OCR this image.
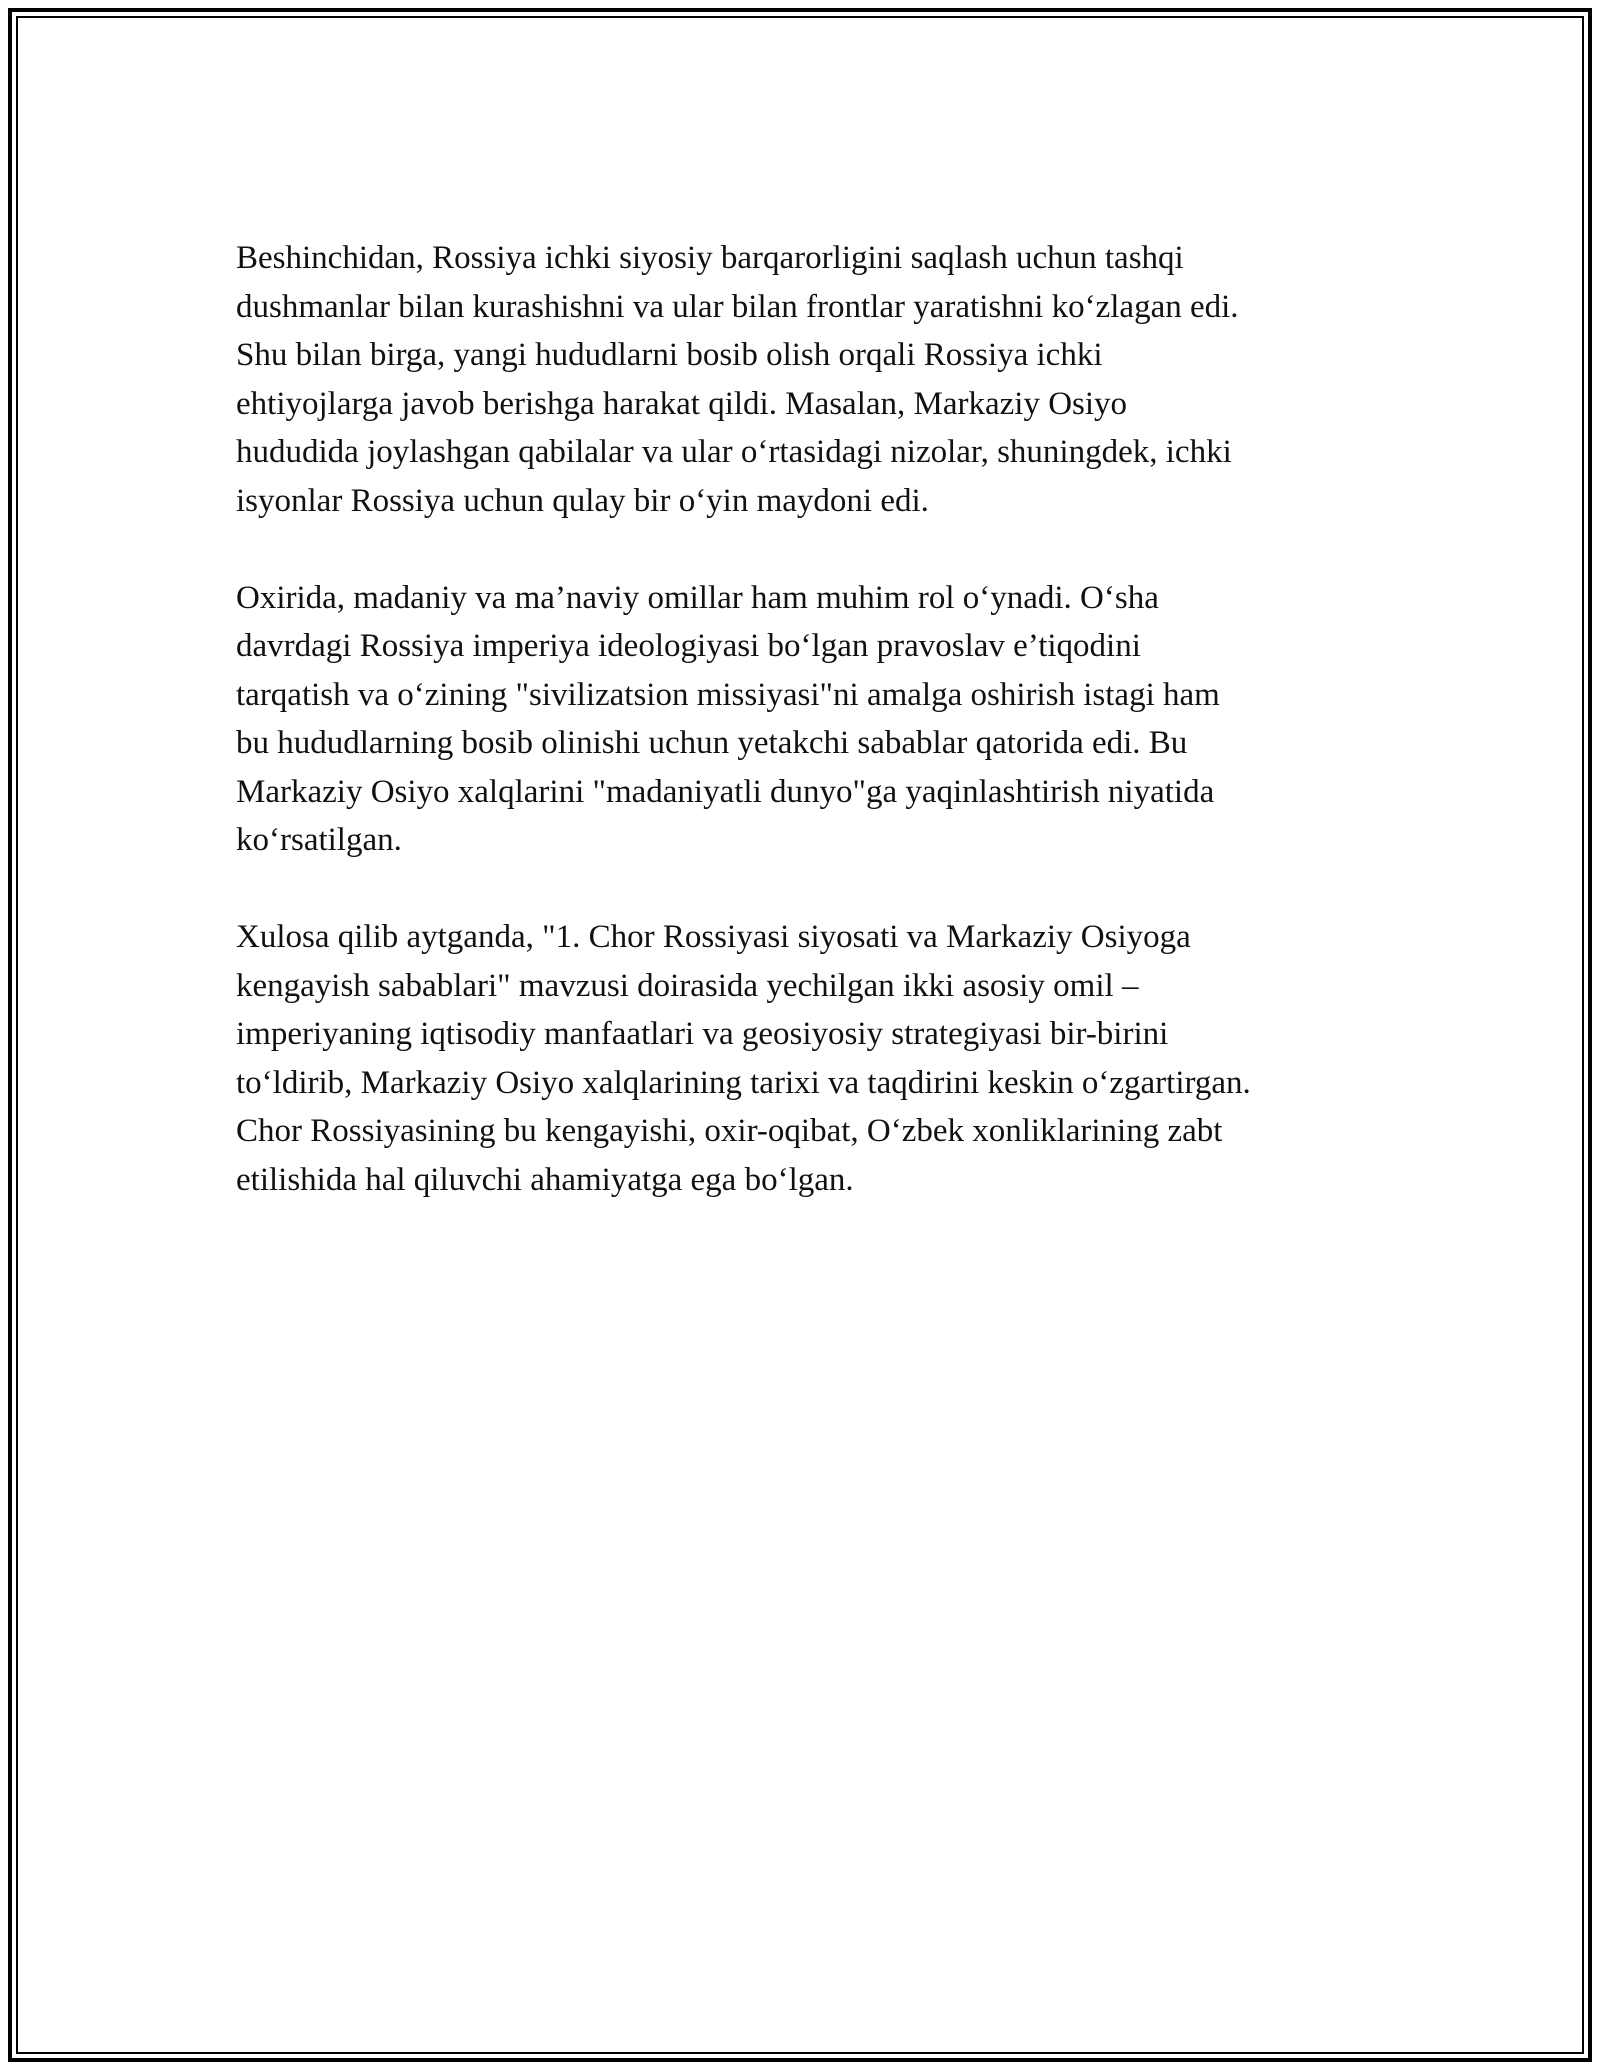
Beshinchidan, Rossiya ichki siyosiy barqarorligini saqlash uchun tashqi
dushmanlar bilan kurashishni va ular bilan frontlar yaratishni ko‘zlagan edi.
Shu bilan birga, yangi hududlarni bosib olish orqali Rossiya ichki
ehtiyojlarga javob berishga harakat qildi. Masalan, Markaziy Osiyo
hududida joylashgan qabilalar va ular o‘rtasidagi nizolar, shuningdek, ichki
isyonlar Rossiya uchun qulay bir o‘yin maydoni edi.

Oxirida, madaniy va ma’naviy omillar ham muhim rol o‘ynadi. O‘sha
davrdagi Rossiya imperiya ideologiyasi bo‘lgan pravoslav e’tiqodini
tarqatish va o‘zining "sivilizatsion missiyasi"ni amalga oshirish istagi ham
bu hududlarning bosib olinishi uchun yetakchi sabablar qatorida edi. Bu
Markaziy Osiyo xalqlarini "madaniyatli dunyo"ga yaqinlashtirish niyatida
ko‘rsatilgan.

Xulosa qilib aytganda, "1. Chor Rossiyasi siyosati va Markaziy Osiyoga
kengayish sabablari" mavzusi doirasida yechilgan ikki asosiy omil –
imperiyaning iqtisodiy manfaatlari va geosiyosiy strategiyasi bir-birini
to‘ldirib, Markaziy Osiyo xalqlarining tarixi va taqdirini keskin o‘zgartirgan.
Chor Rossiyasining bu kengayishi, oxir-oqibat, O‘zbek xonliklarining zabt
etilishida hal qiluvchi ahamiyatga ega bo‘lgan.
